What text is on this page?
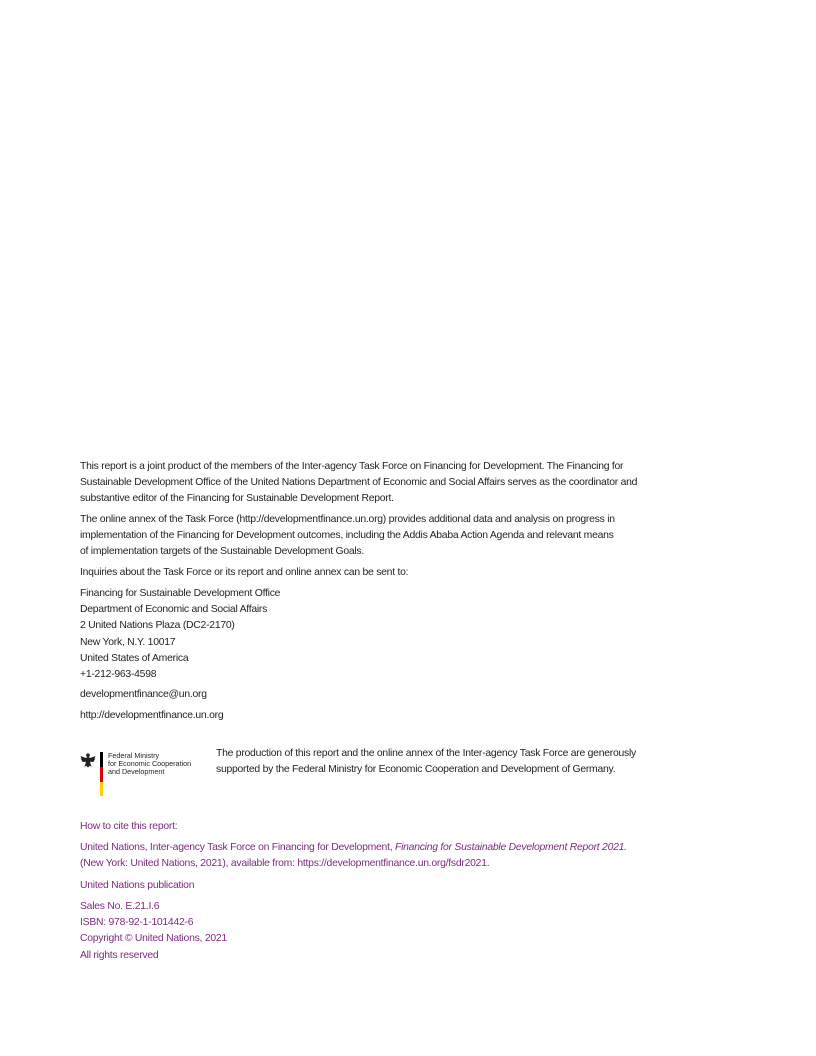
This report is a joint product of the members of the Inter-agency Task Force on Financing for Development. The Financing for
Sustainable Development Office of the United Nations Department of Economic and Social Affairs serves as the coordinator and
substantive editor of the Financing for Sustainable Development Report.
The online annex of the Task Force (http://developmentfinance.un.org) provides additional data and analysis on progress in
implementation of the Financing for Development outcomes, including the Addis Ababa Action Agenda and relevant means
of implementation targets of the Sustainable Development Goals.
Inquiries about the Task Force or its report and online annex can be sent to:
Financing for Sustainable Development Office
Department of Economic and Social Affairs
2 United Nations Plaza (DC2-2170)
New York, N.Y. 10017
United States of America
+1-212-963-4598
developmentfinance@un.org
http://developmentfinance.un.org
Federal Ministry
for Economic Cooperation
and Development
The production of this report and the online annex of the Inter-agency Task Force are generously
supported by the Federal Ministry for Economic Cooperation and Development of Germany.
How to cite this report:
United Nations, Inter-agency Task Force on Financing for Development, Financing for Sustainable Development Report 2021.
(New York: United Nations, 2021), available from: https://developmentfinance.un.org/fsdr2021.
United Nations publication
Sales No. E.21.I.6
ISBN: 978-92-1-101442-6
Copyright © United Nations, 2021
All rights reserved
